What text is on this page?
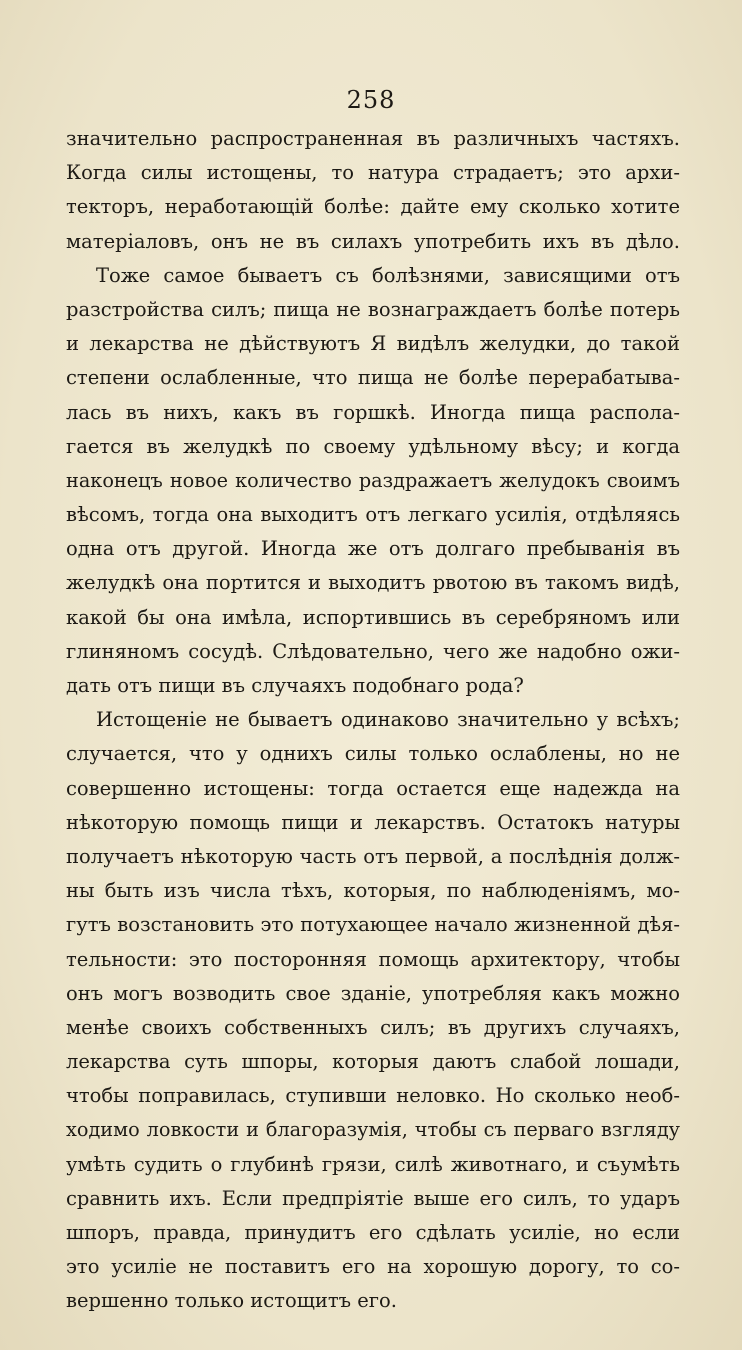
258
значительно распространенная въ различныхъ частяхъ.
Когда силы истощены, то натура страдаетъ; это архи-
текторъ, неработающій болѣе: дайте ему сколько хотите
матеріаловъ, онъ не въ силахъ употребить ихъ въ дѣло.
Тоже самое бываетъ съ болѣзнями, зависящими отъ
разстройства силъ; пища не вознаграждаетъ болѣе потерь
и лекарства не дѣйствуютъ Я видѣлъ желудки, до такой
степени ослабленные, что пища не болѣе перерабатыва-
лась въ нихъ, какъ въ горшкѣ. Иногда пища распола-
гается въ желудкѣ по своему удѣльному вѣсу; и когда
наконецъ новое количество раздражаетъ желудокъ своимъ
вѣсомъ, тогда она выходитъ отъ легкаго усилія, отдѣляясь
одна отъ другой. Иногда же отъ долгаго пребыванія въ
желудкѣ она портится и выходитъ рвотою въ такомъ видѣ,
какой бы она имѣла, испортившись въ серебряномъ или
глиняномъ сосудѣ. Слѣдовательно, чего же надобно ожи-
дать отъ пищи въ случаяхъ подобнаго рода?
Истощеніе не бываетъ одинаково значительно у всѣхъ;
случается, что у однихъ силы только ослаблены, но не
совершенно истощены: тогда остается еще надежда на
нѣкоторую помощь пищи и лекарствъ. Остатокъ натуры
получаетъ нѣкоторую часть отъ первой, а послѣднія долж-
ны быть изъ числа тѣхъ, которыя, по наблюденіямъ, мо-
гутъ возстановить это потухающее начало жизненной дѣя-
тельности: это посторонняя помощь архитектору, чтобы
онъ могъ возводить свое зданіе, употребляя какъ можно
менѣе своихъ собственныхъ силъ; въ другихъ случаяхъ,
лекарства суть шпоры, которыя даютъ слабой лошади,
чтобы поправилась, ступивши неловко. Но сколько необ-
ходимо ловкости и благоразумія, чтобы съ перваго взгляду
умѣть судить о глубинѣ грязи, силѣ животнаго, и съумѣть
сравнить ихъ. Если предпріятіе выше его силъ, то ударъ
шпоръ, правда, принудитъ его сдѣлать усиліе, но если
это усиліе не поставитъ его на хорошую дорогу, то со-
вершенно только истощитъ его.
